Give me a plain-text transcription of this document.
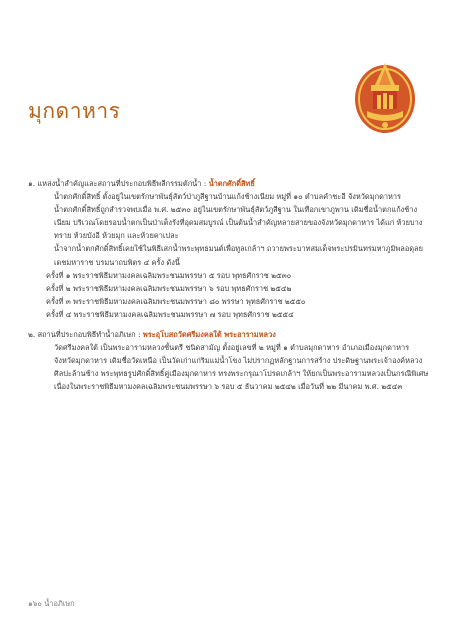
มุกดาหาร

๑. แหล่งน้ำสำคัญและสถานที่ประกอบพิธีพลีกรรมตักน้ำ : น้ำตกศักดิ์สิทธิ์

น้ำตกศักดิ์สิทธิ์ ตั้งอยู่ในเขตรักษาพันธุ์สัตว์ป่าภูสีฐานบ้านแก้งช้างเนียม หมู่ที่ ๑๐ ตำบลคำชะอี จังหวัดมุกดาหาร

น้ำตกศักดิ์สิทธิ์ถูกสำรวจพบเมื่อ พ.ศ. ๒๕๓๐ อยู่ในเขตรักษาพันธุ์สัตว์ภูสีฐาน ในเทือกเขาภูพาน เดิมชื่อน้ำตกแก้งช้างเนียม บริเวณโดยรอบน้ำตกเป็นป่าเต็งรังที่อุดมสมบูรณ์ เป็นต้นน้ำสำคัญหลายสายของจังหวัดมุกดาหาร ได้แก่ ห้วยบางทราย ห้วยบังอี ห้วยมุก และห้วยคาเปละ

น้ำจากน้ำตกศักดิ์สิทธิ์เคยใช้ในพิธีเสกน้ำพระพุทธมนต์เพื่อทูลเกล้าฯ ถวายพระบาทสมเด็จพระปรมินทรมหาภูมิพลอดุลยเดชมหาราช บรมนาถบพิตร ๔ ครั้ง ดังนี้

ครั้งที่ ๑ พระราชพิธีมหามงคลเฉลิมพระชนมพรรษา ๕ รอบ พุทธศักราช ๒๕๓๐

ครั้งที่ ๒ พระราชพิธีมหามงคลเฉลิมพระชนมพรรษา ๖ รอบ พุทธศักราช ๒๕๔๒

ครั้งที่ ๓ พระราชพิธีมหามงคลเฉลิมพระชนมพรรษา ๘๐ พรรษา พุทธศักราช ๒๕๕๐

ครั้งที่ ๔ พระราชพิธีมหามงคลเฉลิมพระชนมพรรษา ๗ รอบ พุทธศักราช ๒๕๕๔

๒. สถานที่ประกอบพิธีทำน้ำอภิเษก : พระอุโบสถวัดศรีมงคลใต้ พระอารามหลวง

วัดศรีมงคลใต้ เป็นพระอารามหลวงชั้นตรี ชนิดสามัญ ตั้งอยู่เลขที่ ๒ หมู่ที่ ๑ ตำบลมุกดาหาร อำเภอเมืองมุกดาหาร จังหวัดมุกดาหาร เดิมชื่อวัดเหนือ เป็นวัดเก่าแก่ริมแม่น้ำโขง ไม่ปรากฏหลักฐานการสร้าง ประดิษฐานพระเจ้าองค์หลวง ศิลปะล้านช้าง พระพุทธรูปศักดิ์สิทธิ์คู่เมืองมุกดาหาร ทรงพระกรุณาโปรดเกล้าฯ ให้ยกเป็นพระอารามหลวงเป็นกรณีพิเศษ เนื่องในพระราชพิธีมหามงคลเฉลิมพระชนมพรรษา ๖ รอบ ๕ ธันวาคม ๒๕๔๒ เมื่อวันที่ ๒๒ มีนาคม พ.ศ. ๒๕๔๓

๑๖๐ น้ำอภิเษก
